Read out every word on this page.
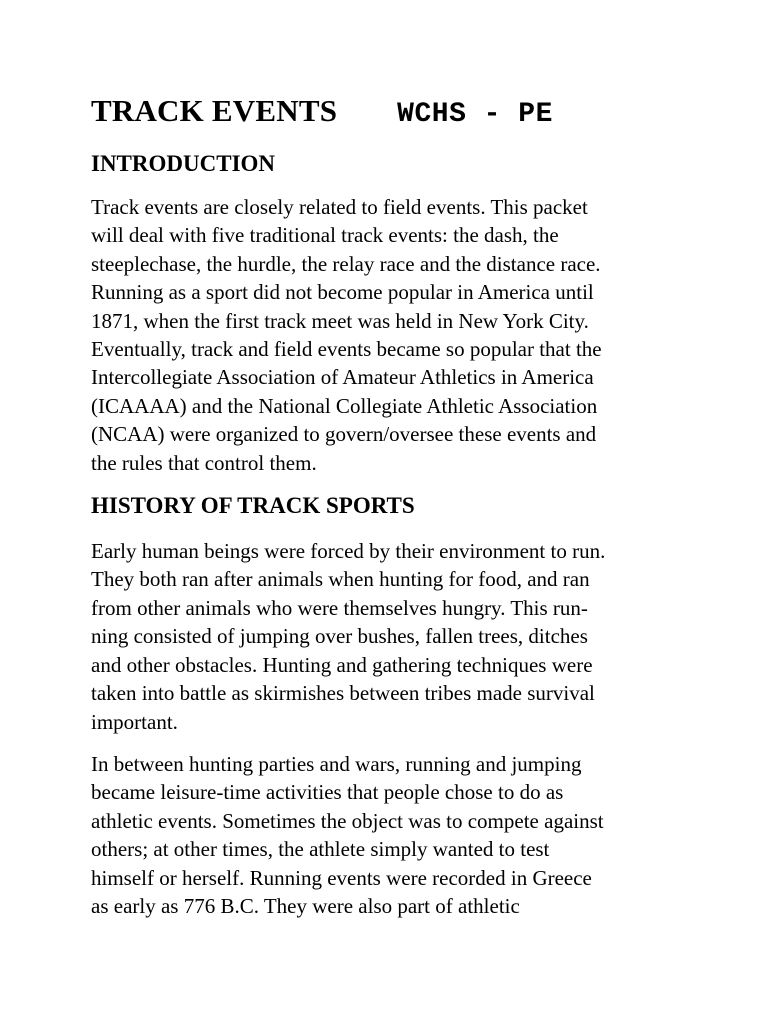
TRACK EVENTS WCHS - PE
INTRODUCTION

Track events are closely related to field events. This packet
will deal with five traditional track events: the dash, the
steeplechase, the hurdle, the relay race and the distance race.
Running as a sport did not become popular in America until
1871, when the first track meet was held in New York City.
Eventually, track and field events became so popular that the
Intercollegiate Association of Amateur Athletics in America
(ICAAAA) and the National Collegiate Athletic Association
(NCAA) were organized to govern/oversee these events and
the rules that control them.

HISTORY OF TRACK SPORTS

Early human beings were forced by their environment to run.
They both ran after animals when hunting for food, and ran
from other animals who were themselves hungry. This run-
ning consisted of jumping over bushes, fallen trees, ditches
and other obstacles. Hunting and gathering techniques were
taken into battle as skirmishes between tribes made survival
important.

In between hunting parties and wars, running and jumping
became leisure-time activities that people chose to do as
athletic events. Sometimes the object was to compete against
others; at other times, the athlete simply wanted to test
himself or herself. Running events were recorded in Greece
as early as 776 B.C. They were also part of athletic
